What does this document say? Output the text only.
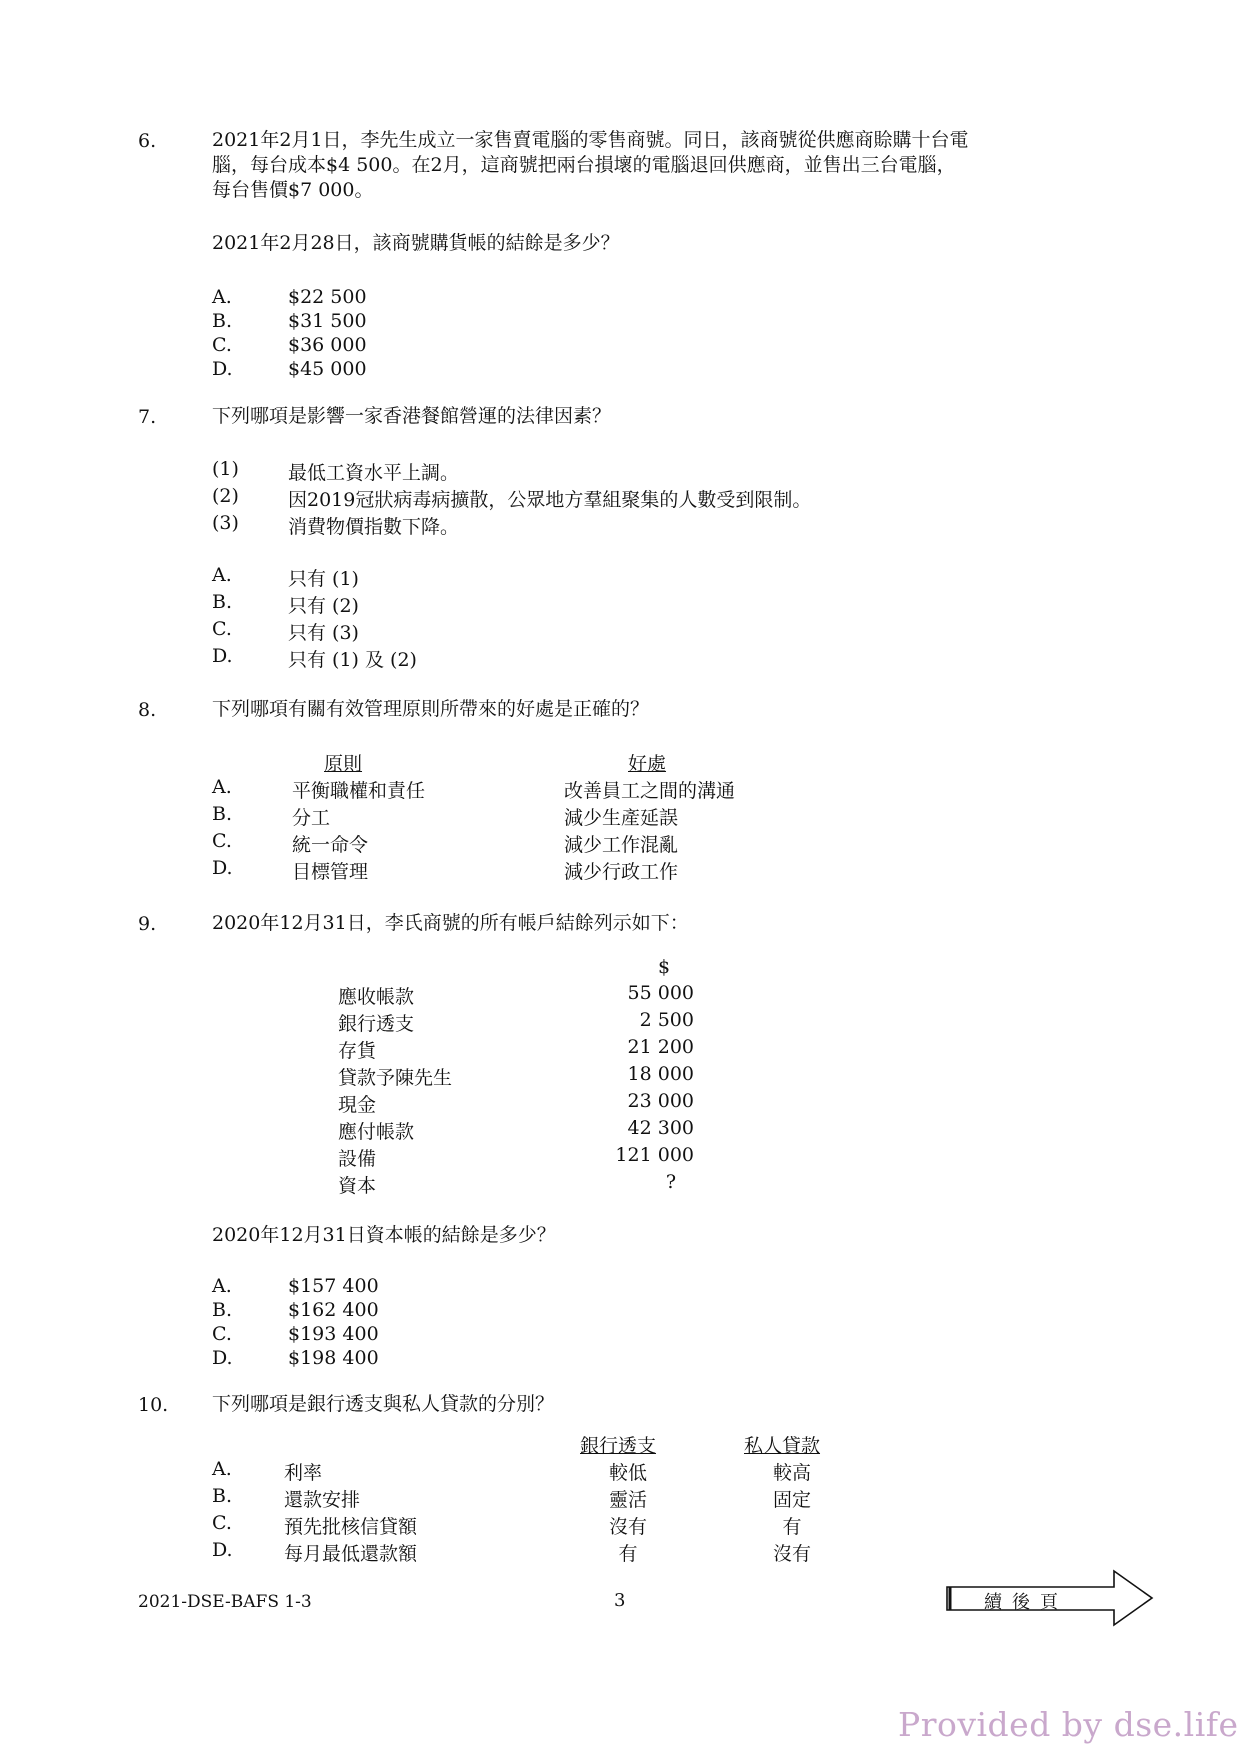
6.	2021年2月1日，李先生成立一家售賣電腦的零售商號。同日，該商號從供應商賒購十台電
腦，每台成本$4 500。在2月，這商號把兩台損壞的電腦退回供應商，並售出三台電腦，
每台售價$7 000。
2021年2月28日，該商號購貨帳的結餘是多少？
A.	$22 500
B.	$31 500
C.	$36 000
D.	$45 000
7.	下列哪項是影響一家香港餐館營運的法律因素？
(1)	最低工資水平上調。
(2)	因2019冠狀病毒病擴散，公眾地方羣組聚集的人數受到限制。
(3)	消費物價指數下降。
A.	只有 (1)
B.	只有 (2)
C.	只有 (3)
D.	只有 (1) 及 (2)
8.	下列哪項有關有效管理原則所帶來的好處是正確的？
原則	好處
A.	平衡職權和責任	改善員工之間的溝通
B.	分工	減少生產延誤
C.	統一命令	減少工作混亂
D.	目標管理	減少行政工作
9.	2020年12月31日，李氏商號的所有帳戶結餘列示如下：
$
應收帳款	55 000
銀行透支	2 500
存貨	21 200
貸款予陳先生	18 000
現金	23 000
應付帳款	42 300
設備	121 000
資本	?
2020年12月31日資本帳的結餘是多少？
A.	$157 400
B.	$162 400
C.	$193 400
D.	$198 400
10. 下列哪項是銀行透支與私人貸款的分別？
銀行透支	私人貸款
A.	利率	較低	較高
B.	還款安排	靈活	固定
C.	預先批核信貸額	沒有	有
D.	每月最低還款額	有	沒有
2021-DSE-BAFS 1-3	3	續後頁
Provided by dse.life
